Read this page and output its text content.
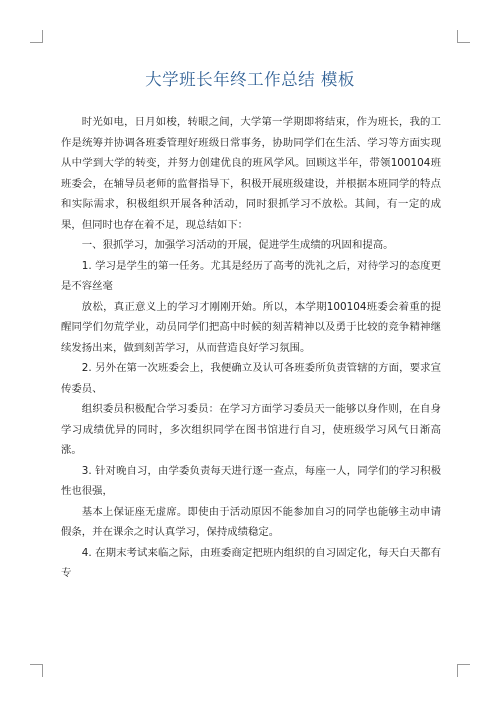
大学班长年终工作总结 模板

时光如电，日月如梭，转眼之间，大学第一学期即将结束，作为班长，我的工作是统筹并协调各班委管理好班级日常事务，协助同学们在生活、学习等方面实现从中学到大学的转变，并努力创建优良的班风学风。回顾这半年，带领100104班班委会，在辅导员老师的监督指导下，积极开展班级建设，并根据本班同学的特点和实际需求，积极组织开展各种活动，同时狠抓学习不放松。其间，有一定的成果，但同时也存在着不足，现总结如下：

一、狠抓学习，加强学习活动的开展，促进学生成绩的巩固和提高。

1. 学习是学生的第一任务。尤其是经历了高考的洗礼之后，对待学习的态度更是不容丝毫

放松，真正意义上的学习才刚刚开始。所以，本学期100104班委会着重的提醒同学们勿荒学业，动员同学们把高中时候的刻苦精神以及勇于比较的竞争精神继续发扬出来，做到刻苦学习，从而营造良好学习氛围。

2. 另外在第一次班委会上，我便确立及认可各班委所负责管辖的方面，要求宣传委员、

组织委员积极配合学习委员：在学习方面学习委员天一能够以身作则，在自身学习成绩优异的同时，多次组织同学在图书馆进行自习，使班级学习风气日渐高涨。

3. 针对晚自习，由学委负责每天进行逐一查点，每座一人，同学们的学习积极性也很强，

基本上保证座无虚席。即使由于活动原因不能参加自习的同学也能够主动申请假条，并在课余之时认真学习，保持成绩稳定。

4. 在期末考试来临之际，由班委商定把班内组织的自习固定化，每天白天都有专
